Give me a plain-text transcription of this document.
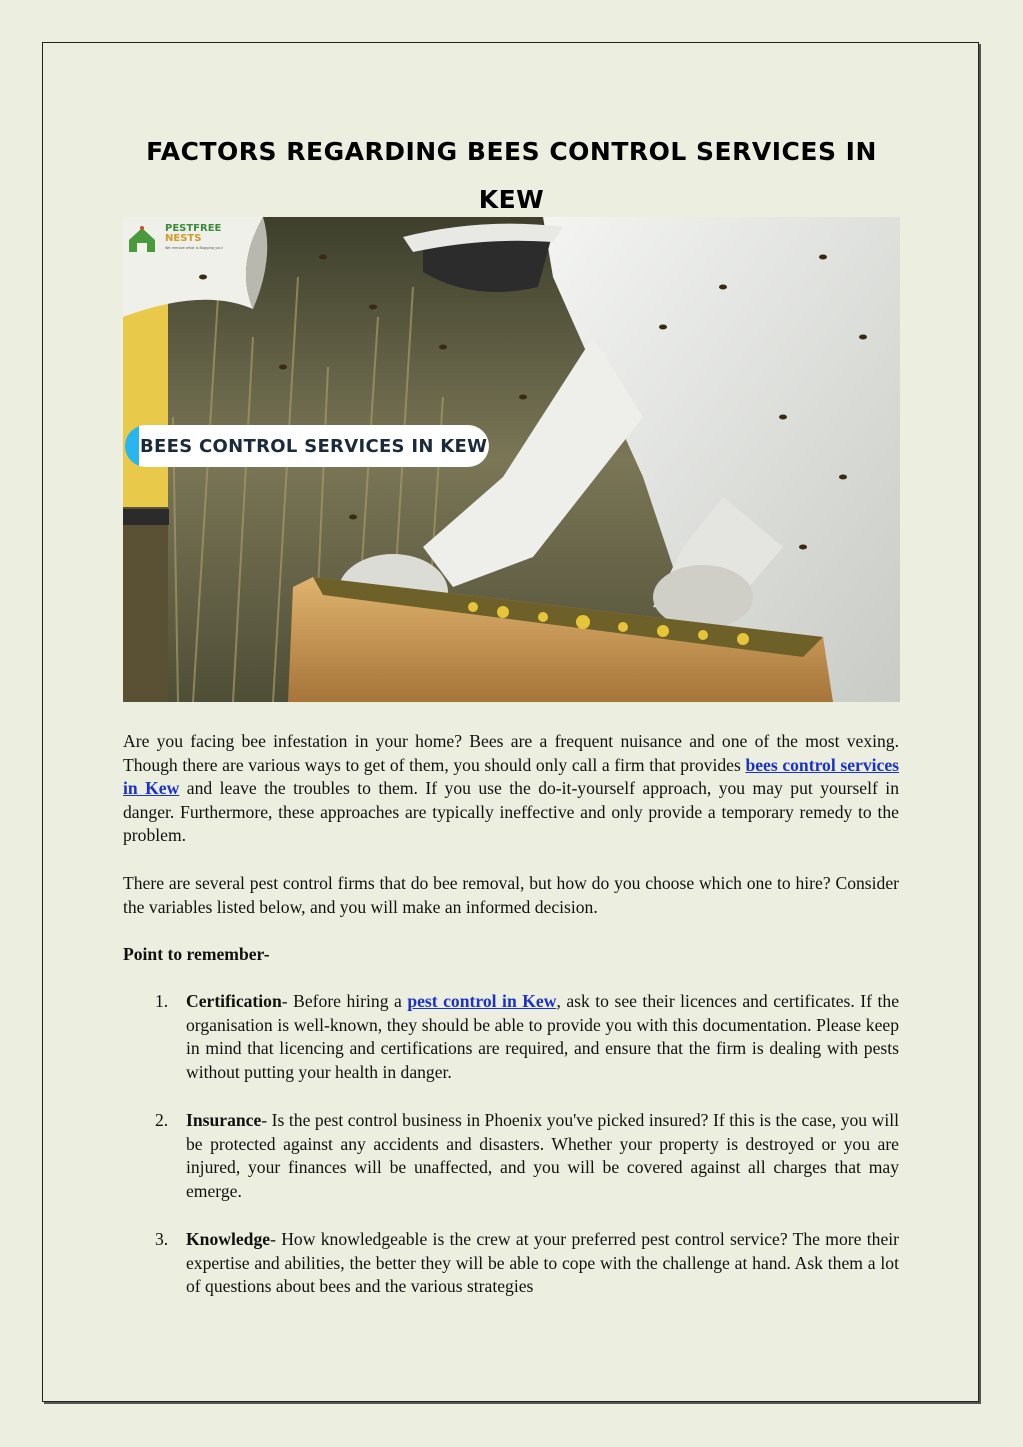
FACTORS REGARDING BEES CONTROL SERVICES IN KEW
PESTFREE
NESTS
We remove what is Bugging you!
BEES CONTROL SERVICES IN KEW

Are you facing bee infestation in your home? Bees are a frequent nuisance and one of the most vexing. Though there are various ways to get of them, you should only call a firm that provides bees control services in Kew and leave the troubles to them. If you use the do-it-yourself approach, you may put yourself in danger. Furthermore, these approaches are typically ineffective and only provide a temporary remedy to the problem.

There are several pest control firms that do bee removal, but how do you choose which one to hire? Consider the variables listed below, and you will make an informed decision.

Point to remember-
1.	Certification- Before hiring a pest control in Kew, ask to see their licences and certificates. If the organisation is well-known, they should be able to provide you with this documentation. Please keep in mind that licencing and certifications are required, and ensure that the firm is dealing with pests without putting your health in danger.
2.	Insurance- Is the pest control business in Phoenix you've picked insured? If this is the case, you will be protected against any accidents and disasters. Whether your property is destroyed or you are injured, your finances will be unaffected, and you will be covered against all charges that may emerge.
3.	Knowledge- How knowledgeable is the crew at your preferred pest control service? The more their expertise and abilities, the better they will be able to cope with the challenge at hand. Ask them a lot of questions about bees and the various strategies
